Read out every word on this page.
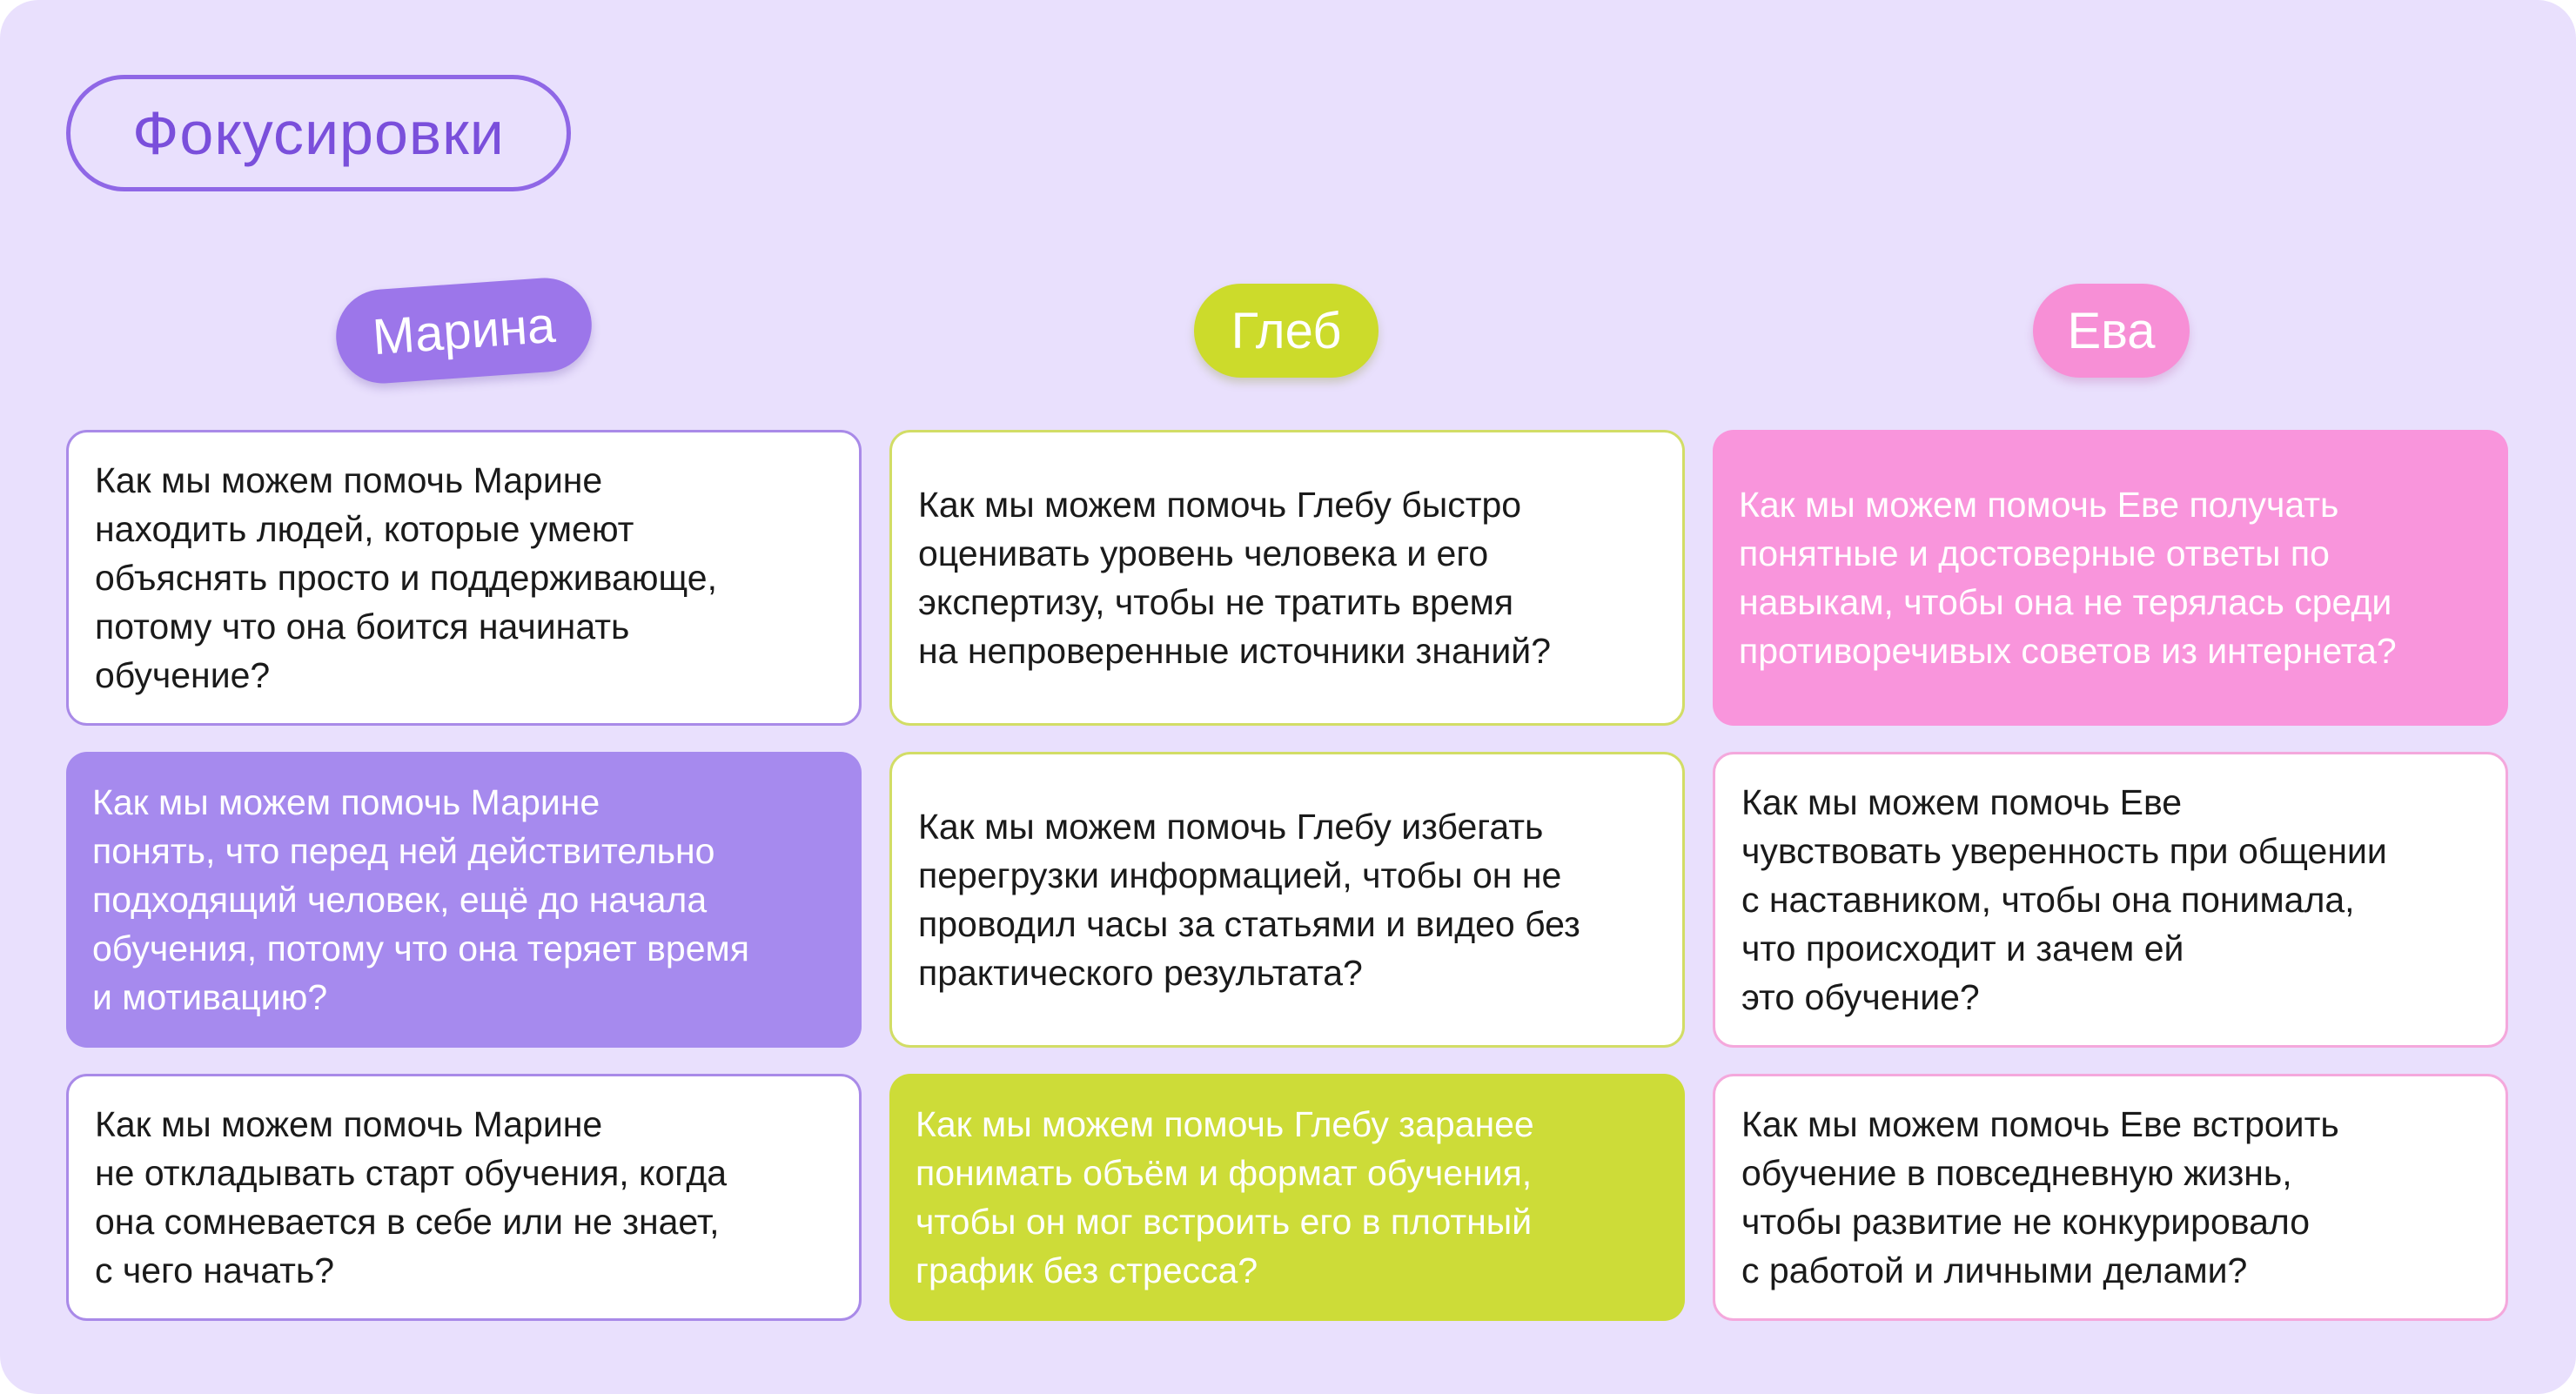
Фокусировки
Марина	Глеб	Ева
Как мы можем помочь Марине
находить людей, которые умеют
объяснять просто и поддерживающе,
потому что она боится начинать
обучение?
Как мы можем помочь Марине
понять, что перед ней действительно
подходящий человек, ещё до начала
обучения, потому что она теряет время
и мотивацию?
Как мы можем помочь Марине
не откладывать старт обучения, когда
она сомневается в себе или не знает,
с чего начать?
Как мы можем помочь Глебу быстро
оценивать уровень человека и его
экспертизу, чтобы не тратить время
на непроверенные источники знаний?
Как мы можем помочь Глебу избегать
перегрузки информацией, чтобы он не
проводил часы за статьями и видео без
практического результата?
Как мы можем помочь Глебу заранее
понимать объём и формат обучения,
чтобы он мог встроить его в плотный
график без стресса?
Как мы можем помочь Еве получать
понятные и достоверные ответы по
навыкам, чтобы она не терялась среди
противоречивых советов из интернета?
Как мы можем помочь Еве
чувствовать уверенность при общении
с наставником, чтобы она понимала,
что происходит и зачем ей
это обучение?
Как мы можем помочь Еве встроить
обучение в повседневную жизнь,
чтобы развитие не конкурировало
с работой и личными делами?
